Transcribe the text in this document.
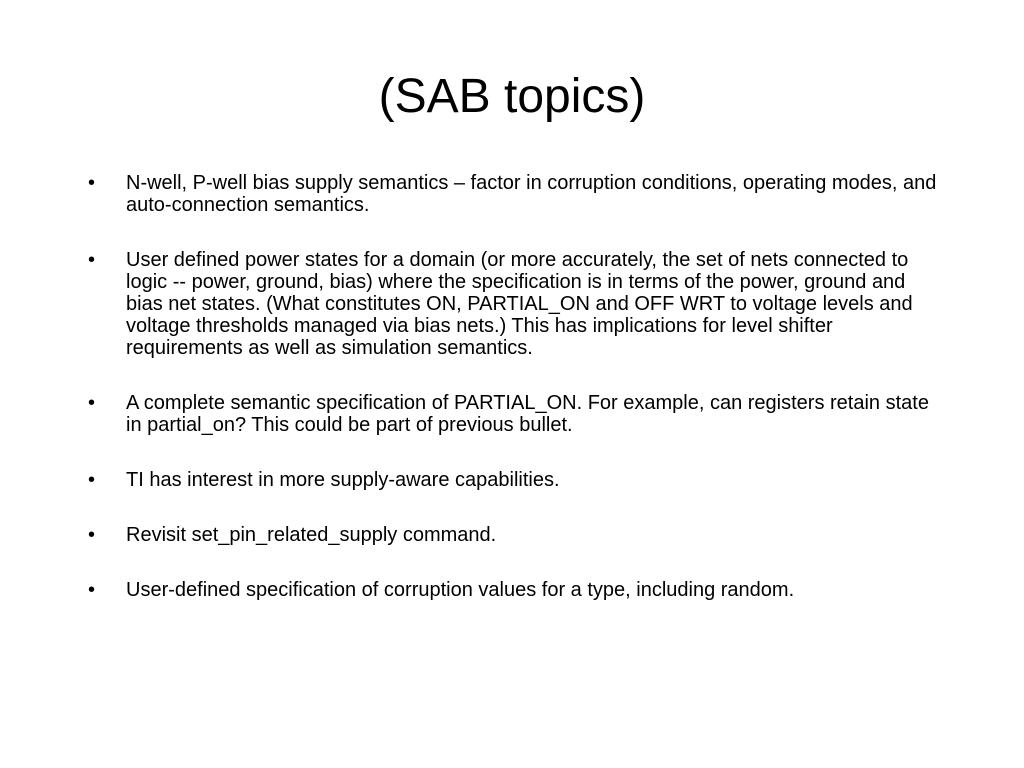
(SAB topics)
•	N-well, P-well bias supply semantics – factor in corruption conditions, operating modes, and auto-connection semantics.
•	User defined power states for a domain (or more accurately, the set of nets connected to logic -- power, ground, bias) where the specification is in terms of the power, ground and bias net states. (What constitutes ON, PARTIAL_ON and OFF WRT to voltage levels and voltage thresholds managed via bias nets.) This has implications for level shifter requirements as well as simulation semantics.
•	A complete semantic specification of PARTIAL_ON. For example, can registers retain state in partial_on? This could be part of previous bullet.
•	TI has interest in more supply-aware capabilities.
•	Revisit set_pin_related_supply command.
•	User-defined specification of corruption values for a type, including random.
